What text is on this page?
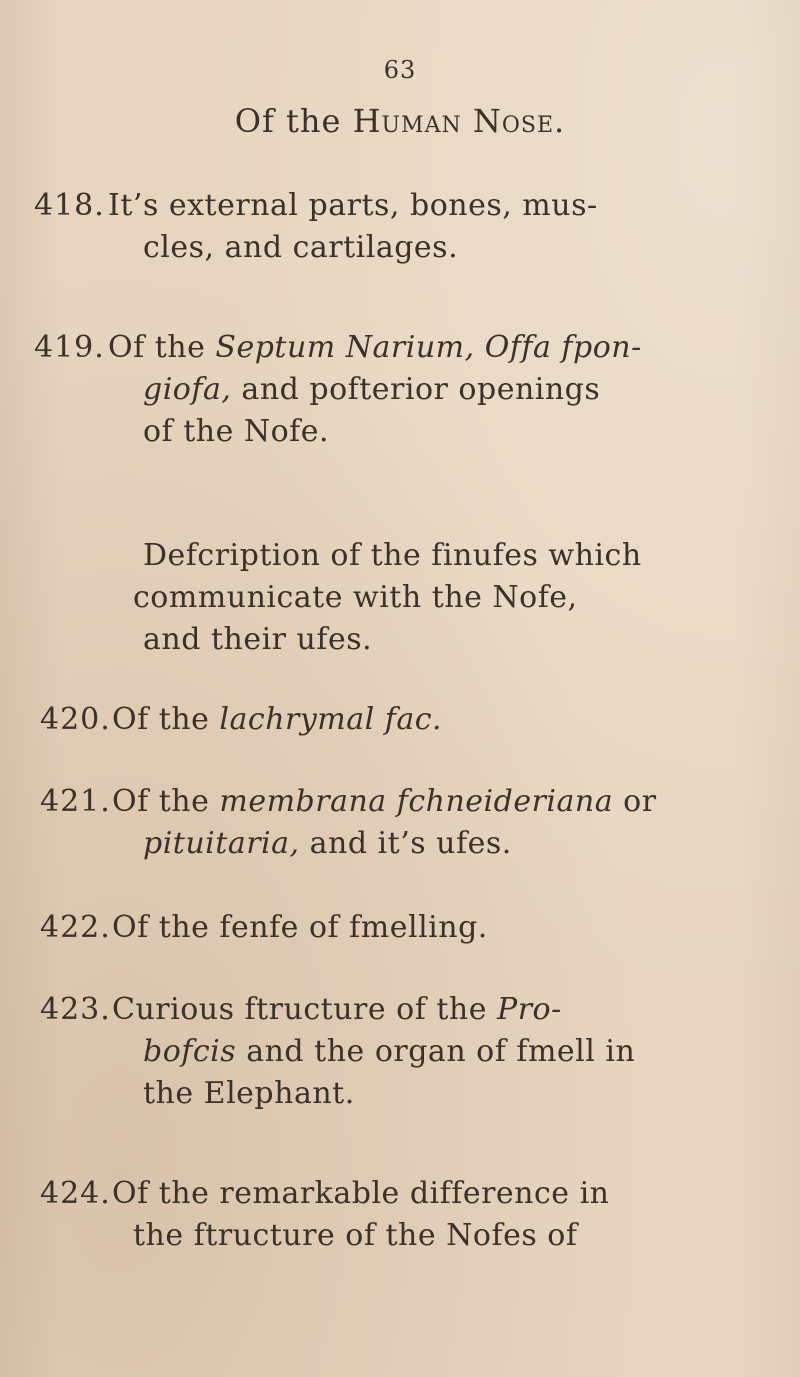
63
Of the Human Nose.
418. It’s external parts, bones, mus-
cles, and cartilages.
419. Of the Septum Narium, Offa fpon-
giofa, and pofterior openings
of the Nofe.
Defcription of the finufes which
communicate with the Nofe,
and their ufes.
420. Of the lachrymal fac.
421. Of the membrana fchneideriana or
pituitaria, and it’s ufes.
422. Of the fenfe of fmelling.
423. Curious ftructure of the Pro-
bofcis and the organ of fmell in
the Elephant.
424. Of the remarkable difference in
the ftructure of the Nofes of
